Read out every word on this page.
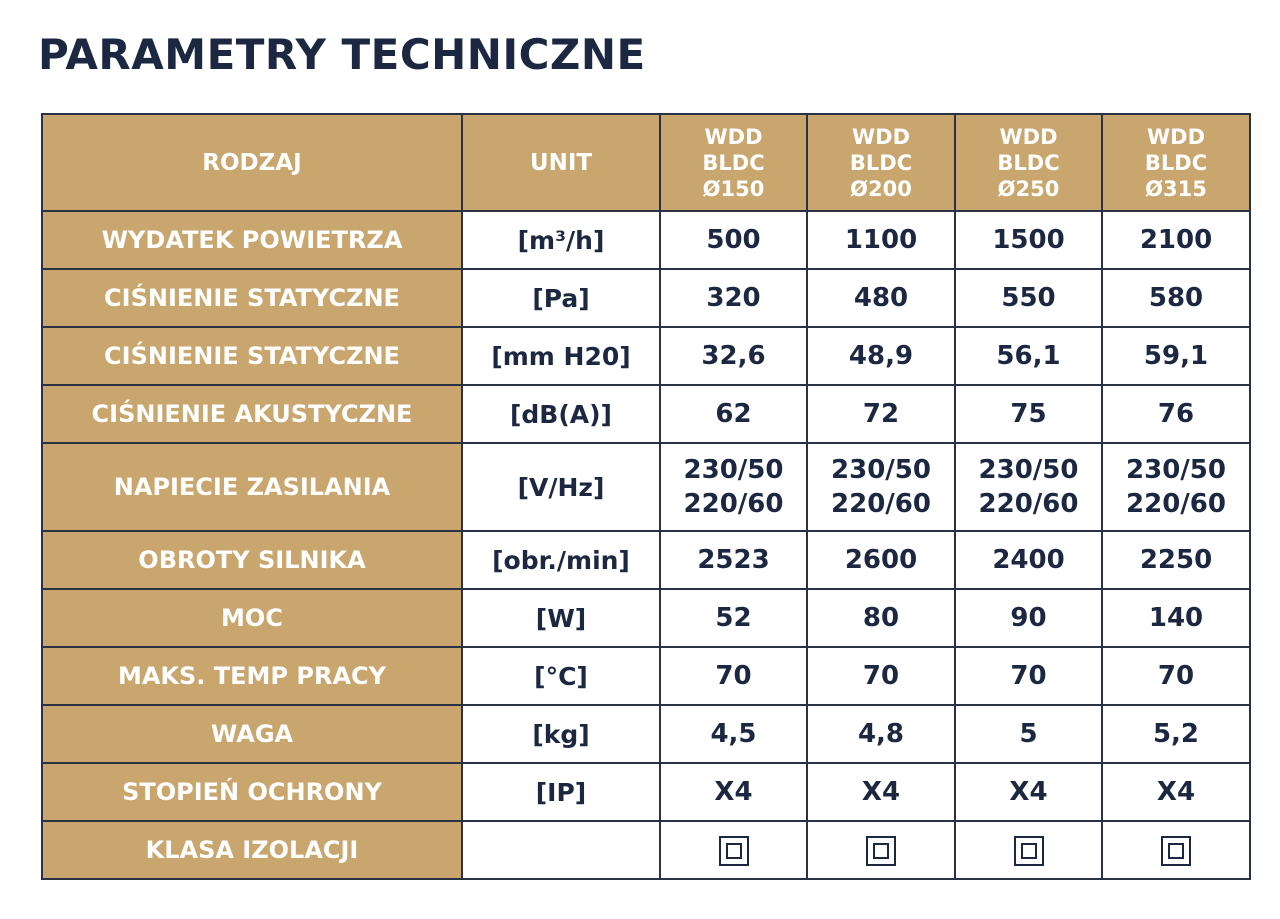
PARAMETRY TECHNICZNE
RODZAJ	UNIT	WDD
BLDC
Ø150	WDD
BLDC
Ø200	WDD
BLDC
Ø250	WDD
BLDC
Ø315

WYDATEK POWIETRZA	[m³/h]	500	1100	1500	2100
CIŚNIENIE STATYCZNE	[Pa]	320	480	550	580
CIŚNIENIE STATYCZNE	[mm H20]	32,6	48,9	56,1	59,1
CIŚNIENIE AKUSTYCZNE	[dB(A)]	62	72	75	76
NAPIECIE ZASILANIA	[V/Hz]	230/50
220/60	230/50
220/60	230/50
220/60	230/50
220/60

OBROTY SILNIKA	[obr./min]	2523	2600	2400	2250
MOC	[W]	52	80	90	140
MAKS. TEMP PRACY	[°C]	70	70	70	70
WAGA	[kg]	4,5	4,8	5	5,2
STOPIEŃ OCHRONY	[IP]	X4	X4	X4	X4
KLASA IZOLACJI					
